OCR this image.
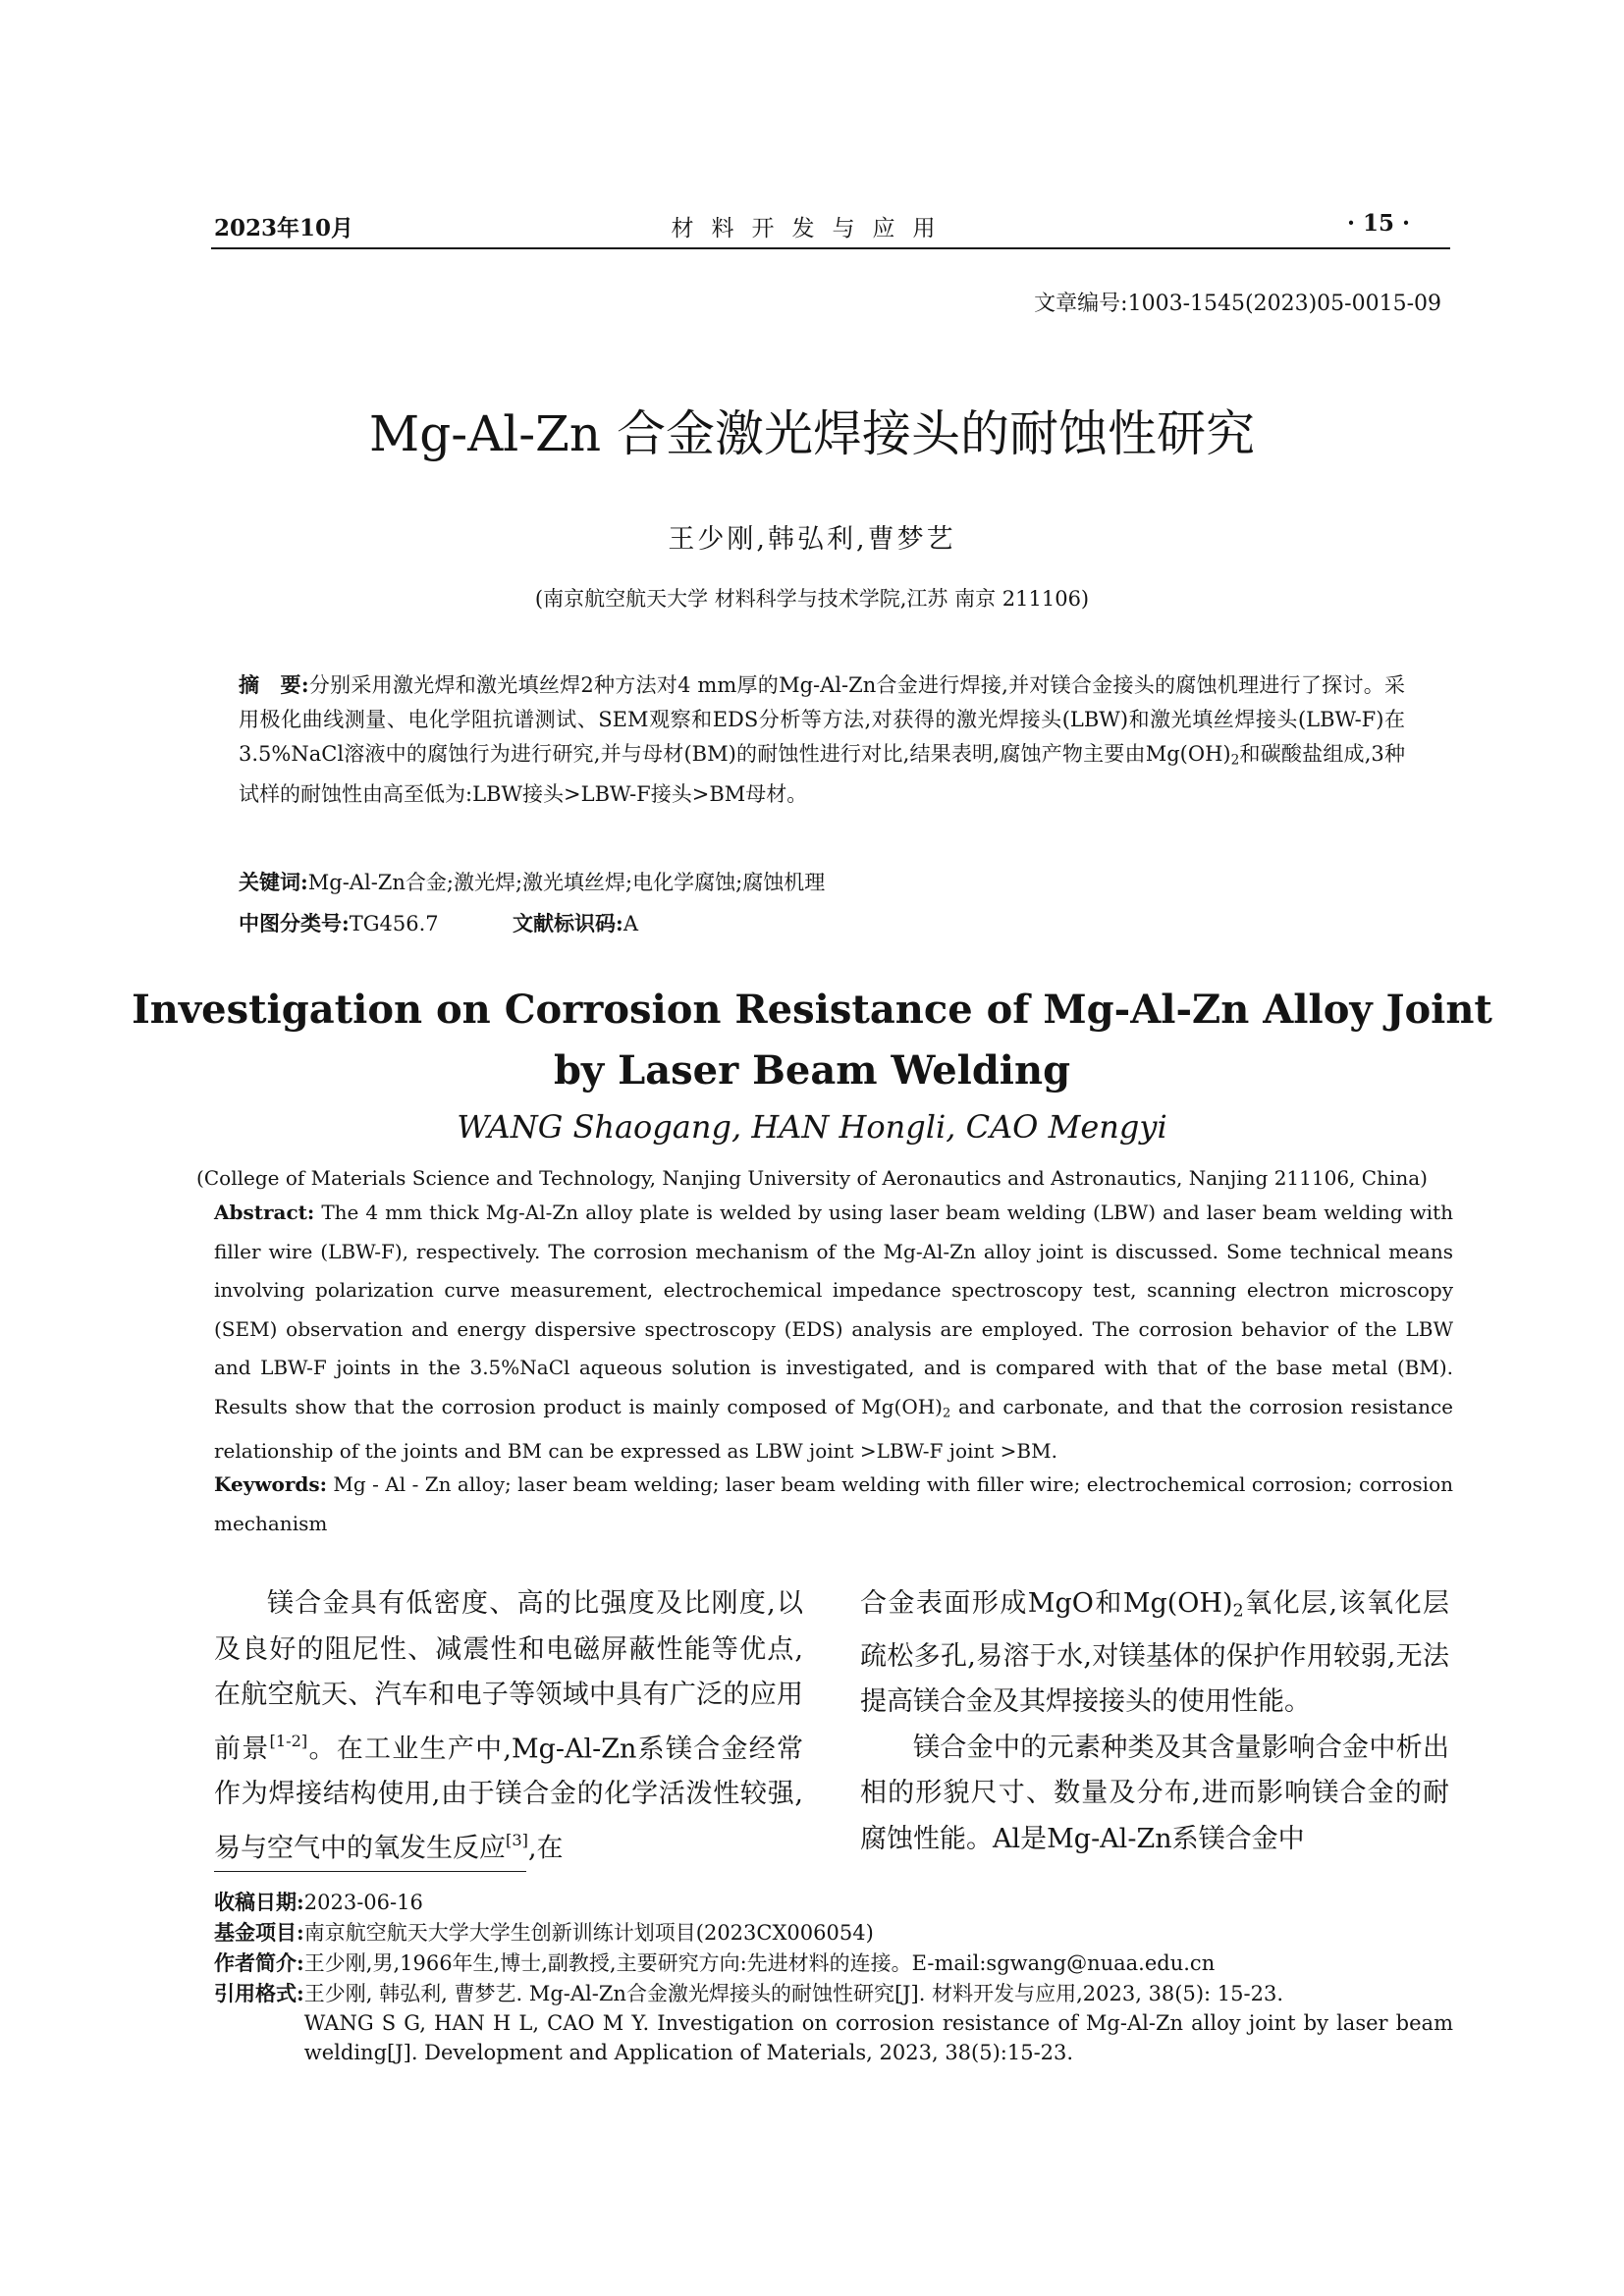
2023年10月	材料开发与应用	· 15 ·
文章编号:1003-1545(2023)05-0015-09
Mg-Al-Zn 合金激光焊接头的耐蚀性研究
王少刚,韩弘利,曹梦艺
(南京航空航天大学 材料科学与技术学院,江苏 南京 211106)
摘　要:分别采用激光焊和激光填丝焊2种方法对4 mm厚的Mg-Al-Zn合金进行焊接,并对镁合金接头的腐蚀机理进行了探讨。采用极化曲线测量、电化学阻抗谱测试、SEM观察和EDS分析等方法,对获得的激光焊接头(LBW)和激光填丝焊接头(LBW-F)在3.5%NaCl溶液中的腐蚀行为进行研究,并与母材(BM)的耐蚀性进行对比,结果表明,腐蚀产物主要由$Mg(OH)_2$和碳酸盐组成,3种试样的耐蚀性由高至低为:LBW接头>LBW-F接头>BM母材。
关键词:Mg-Al-Zn合金;激光焊;激光填丝焊;电化学腐蚀;腐蚀机理
中图分类号:TG456.7	文献标识码:A
Investigation on Corrosion Resistance of Mg-Al-Zn Alloy Joint
by Laser Beam Welding
WANG Shaogang, HAN Hongli, CAO Mengyi
(College of Materials Science and Technology, Nanjing University of Aeronautics and Astronautics, Nanjing 211106, China)
Abstract: The 4 mm thick Mg-Al-Zn alloy plate is welded by using laser beam welding (LBW) and laser beam welding with filler wire (LBW-F), respectively. The corrosion mechanism of the Mg-Al-Zn alloy joint is discussed. Some technical means involving polarization curve measurement, electrochemical impedance spectroscopy test, scanning electron microscopy (SEM) observation and energy dispersive spectroscopy (EDS) analysis are employed. The corrosion behavior of the LBW and LBW-F joints in the 3.5%NaCl aqueous solution is investigated, and is compared with that of the base metal (BM). Results show that the corrosion product is mainly composed of $Mg(OH)_2$ and carbonate, and that the corrosion resistance relationship of the joints and BM can be expressed as LBW joint >LBW-F joint >BM.
Keywords: Mg - Al - Zn alloy; laser beam welding; laser beam welding with filler wire; electrochemical corrosion; corrosion mechanism

镁合金具有低密度、高的比强度及比刚度,以及良好的阻尼性、减震性和电磁屏蔽性能等优点,在航空航天、汽车和电子等领域中具有广泛的应用前景[1-2]。在工业生产中,Mg-Al-Zn系镁合金经常作为焊接结构使用,由于镁合金的化学活泼性较强,易与空气中的氧发生反应[3],在

合金表面形成MgO和$Mg(OH)_2$氧化层,该氧化层疏松多孔,易溶于水,对镁基体的保护作用较弱,无法提高镁合金及其焊接接头的使用性能。

镁合金中的元素种类及其含量影响合金中析出相的形貌尺寸、数量及分布,进而影响镁合金的耐腐蚀性能。Al是Mg-Al-Zn系镁合金中

收稿日期:2023-06-16
基金项目:南京航空航天大学大学生创新训练计划项目(2023CX006054)
作者简介:王少刚,男,1966年生,博士,副教授,主要研究方向:先进材料的连接。E-mail:sgwang@nuaa.edu.cn
引用格式: 王少刚, 韩弘利, 曹梦艺. Mg-Al-Zn合金激光焊接头的耐蚀性研究[J]. 材料开发与应用,2023, 38(5): 15-23.
WANG S G, HAN H L, CAO M Y. Investigation on corrosion resistance of Mg-Al-Zn alloy joint by laser beam welding[J]. Development and Application of Materials, 2023, 38(5):15-23.
